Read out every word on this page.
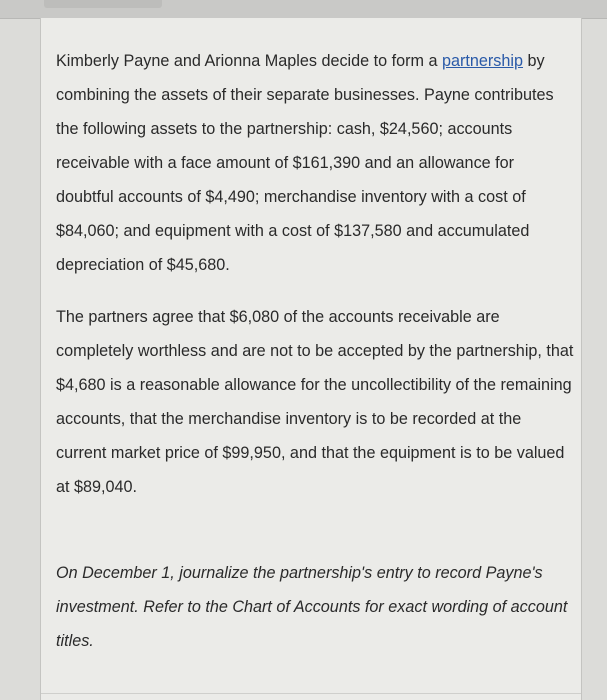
Kimberly Payne and Arionna Maples decide to form a partnership by combining the assets of their separate businesses. Payne contributes the following assets to the partnership: cash, $24,560; accounts receivable with a face amount of $161,390 and an allowance for doubtful accounts of $4,490; merchandise inventory with a cost of $84,060; and equipment with a cost of $137,580 and accumulated depreciation of $45,680.

The partners agree that $6,080 of the accounts receivable are completely worthless and are not to be accepted by the partnership, that $4,680 is a reasonable allowance for the uncollectibility of the remaining accounts, that the merchandise inventory is to be recorded at the current market price of $99,950, and that the equipment is to be valued at $89,040.

On December 1, journalize the partnership's entry to record Payne's investment. Refer to the Chart of Accounts for exact wording of account titles.
